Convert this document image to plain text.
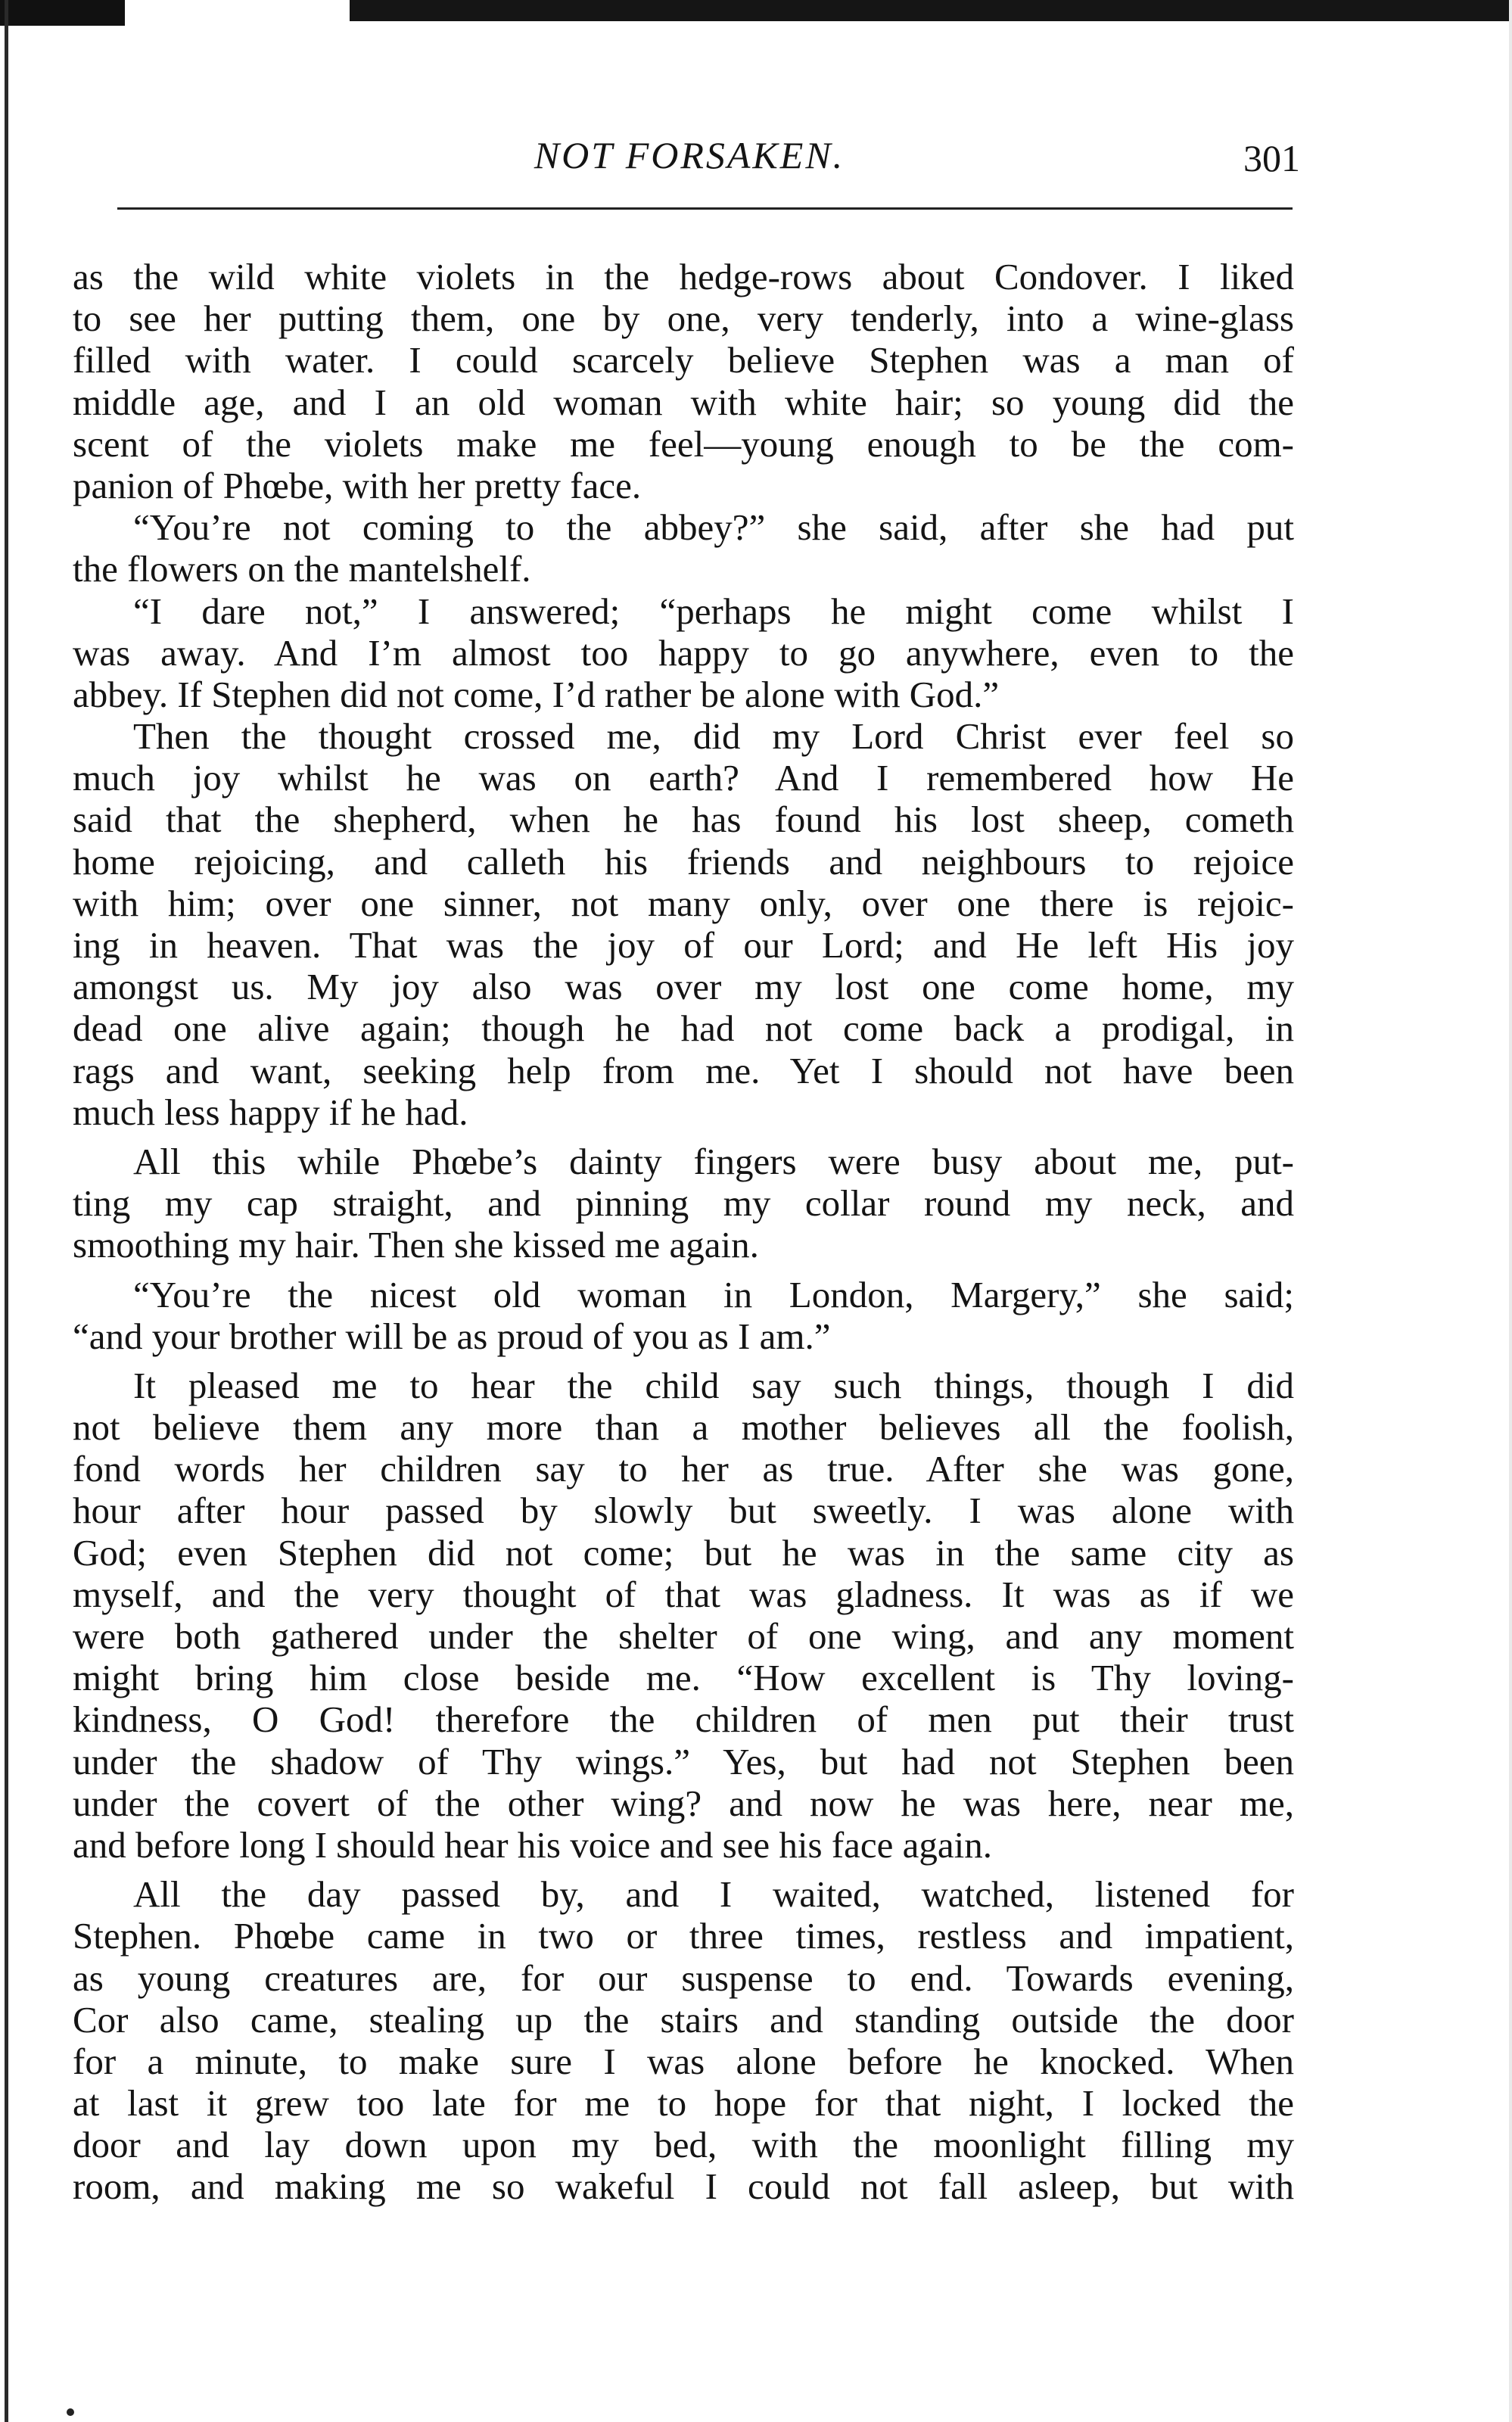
NOT FORSAKEN.	301
as the wild white violets in the hedge-rows about Condover. I liked
to see her putting them, one by one, very tenderly, into a wine-glass
filled with water. I could scarcely believe Stephen was a man of
middle age, and I an old woman with white hair; so young did the
scent of the violets make me feel—young enough to be the com-
panion of Phœbe, with her pretty face.
“You’re not coming to the abbey?” she said, after she had put
the flowers on the mantelshelf.
“I dare not,” I answered; “perhaps he might come whilst I
was away. And I’m almost too happy to go anywhere, even to the
abbey. If Stephen did not come, I’d rather be alone with God.”
Then the thought crossed me, did my Lord Christ ever feel so
much joy whilst he was on earth? And I remembered how He
said that the shepherd, when he has found his lost sheep, cometh
home rejoicing, and calleth his friends and neighbours to rejoice
with him; over one sinner, not many only, over one there is rejoic-
ing in heaven. That was the joy of our Lord; and He left His joy
amongst us. My joy also was over my lost one come home, my
dead one alive again; though he had not come back a prodigal, in
rags and want, seeking help from me. Yet I should not have been
much less happy if he had.
All this while Phœbe’s dainty fingers were busy about me, put-
ting my cap straight, and pinning my collar round my neck, and
smoothing my hair. Then she kissed me again.
“You’re the nicest old woman in London, Margery,” she said;
“and your brother will be as proud of you as I am.”
It pleased me to hear the child say such things, though I did
not believe them any more than a mother believes all the foolish,
fond words her children say to her as true. After she was gone,
hour after hour passed by slowly but sweetly. I was alone with
God; even Stephen did not come; but he was in the same city as
myself, and the very thought of that was gladness. It was as if we
were both gathered under the shelter of one wing, and any moment
might bring him close beside me. “How excellent is Thy loving-
kindness, O God! therefore the children of men put their trust
under the shadow of Thy wings.” Yes, but had not Stephen been
under the covert of the other wing? and now he was here, near me,
and before long I should hear his voice and see his face again.
All the day passed by, and I waited, watched, listened for
Stephen. Phœbe came in two or three times, restless and impatient,
as young creatures are, for our suspense to end. Towards evening,
Cor also came, stealing up the stairs and standing outside the door
for a minute, to make sure I was alone before he knocked. When
at last it grew too late for me to hope for that night, I locked the
door and lay down upon my bed, with the moonlight filling my
room, and making me so wakeful I could not fall asleep, but with
